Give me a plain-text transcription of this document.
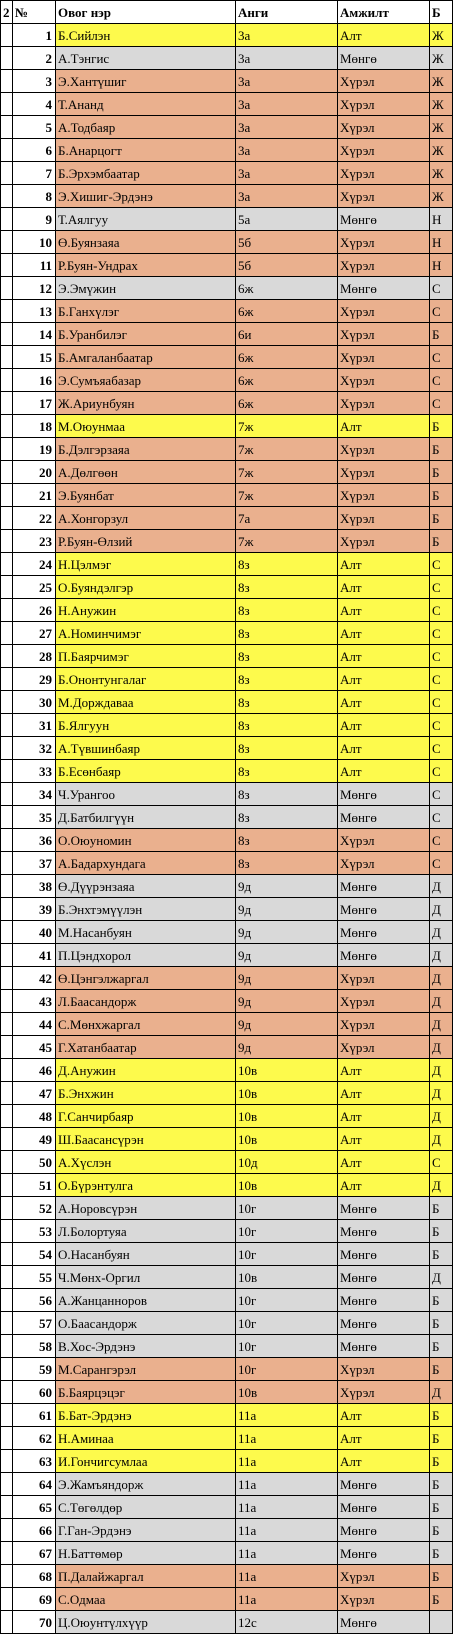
2	№	Овог нэр	Анги	Амжилт	Б
	1	Б.Сийлэн	3а	Алт	Ж
	2	А.Тэнгис	3а	Мөнгө	Ж
	3	Э.Хантүшиг	3а	Хүрэл	Ж
	4	Т.Ананд	3а	Хүрэл	Ж
	5	А.Тодбаяр	3а	Хүрэл	Ж
	6	Б.Анарцогт	3а	Хүрэл	Ж
	7	Б.Эрхэмбаатар	3а	Хүрэл	Ж
	8	Э.Хишиг-Эрдэнэ	3а	Хүрэл	Ж
	9	Т.Аялгуу	5а	Мөнгө	Н
	10	Ө.Буянзаяа	5б	Хүрэл	Н
	11	Р.Буян-Ундрах	5б	Хүрэл	Н
	12	Э.Эмүжин	6ж	Мөнгө	С
	13	Б.Ганхүлэг	6ж	Хүрэл	С
	14	Б.Уранбилэг	6и	Хүрэл	Б
	15	Б.Амгаланбаатар	6ж	Хүрэл	С
	16	Э.Сумъяабазар	6ж	Хүрэл	С
	17	Ж.Ариунбуян	6ж	Хүрэл	С
	18	М.Оюунмаа	7ж	Алт	Б
	19	Б.Дэлгэрзаяа	7ж	Хүрэл	Б
	20	А.Дөлгөөн	7ж	Хүрэл	Б
	21	Э.Буянбат	7ж	Хүрэл	Б
	22	А.Хонгорзул	7а	Хүрэл	Б
	23	Р.Буян-Өлзий	7ж	Хүрэл	Б
	24	Н.Цэлмэг	8з	Алт	С
	25	О.Буяндэлгэр	8з	Алт	С
	26	Н.Анужин	8з	Алт	С
	27	А.Номинчимэг	8з	Алт	С
	28	П.Баярчимэг	8з	Алт	С
	29	Б.Ононтунгалаг	8з	Алт	С
	30	М.Доржд​аваа	8з	Алт	С
	31	Б.Ялгуун	8з	Алт	С
	32	А.Түвшинбаяр	8з	Алт	С
	33	Б.Есөнбаяр	8з	Алт	С
	34	Ч.Урангоо	8з	Мөнгө	С
	35	Д.Батбилгүүн	8з	Мөнгө	С
	36	О.Оюуномин	8з	Хүрэл	С
	37	А.Бадархундага	8з	Хүрэл	С
	38	Ө.Дүүрэнзаяа	9д	Мөнгө	Д
	39	Б.Энхтэмүүлэн	9д	Мөнгө	Д
	40	М.Насанбуян	9д	Мөнгө	Д
	41	П.Цэндхорол	9д	Мөнгө	Д
	42	Ө.Цэнгэлжаргал	9д	Хүрэл	Д
	43	Л.Баасандорж	9д	Хүрэл	Д
	44	С.Мөнхжаргал	9д	Хүрэл	Д
	45	Г.Хатанбаатар	9д	Хүрэл	Д
	46	Д.Анужин	10в	Алт	Д
	47	Б.Энхжин	10в	Алт	Д
	48	Г.Санчирбаяр	10в	Алт	Д
	49	Ш.Баасансүрэн	10в	Алт	Д
	50	А.Хүслэн	10д	Алт	С
	51	О.Бүрэнтулга	10в	Алт	Д
	52	А.Норовсүрэн	10г	Мөнгө	Б
	53	Л.Болортуяа	10г	Мөнгө	Б
	54	О.Насанбуян	10г	Мөнгө	Б
	55	Ч.Мөнх-Оргил	10в	Мөнгө	Д
	56	А.Жанцанноров	10г	Мөнгө	Б
	57	О.Баасандорж	10г	Мөнгө	Б
	58	В.Хос-Эрдэнэ	10г	Мөнгө	Б
	59	М.Сарангэрэл	10г	Хүрэл	Б
	60	Б.Баярцэцэг	10в	Хүрэл	Д
	61	Б.Бат-Эрдэнэ	11а	Алт	Б
	62	Н.Аминаа	11а	Алт	Б
	63	И.Гончигсумлаа	11а	Алт	Б
	64	Э.Жамъяндорж	11а	Мөнгө	Б
	65	С.Төгөлдөр	11а	Мөнгө	Б
	66	Г.Ган-Эрдэнэ	11а	Мөнгө	Б
	67	Н.Баттөмөр	11а	Мөнгө	Б
	68	П.Далайжаргал	11а	Хүрэл	Б
	69	С.Одмаа	11а	Хүрэл	Б
	70	Ц.Оюунтүлхүүр	12с	Мөнгө	
